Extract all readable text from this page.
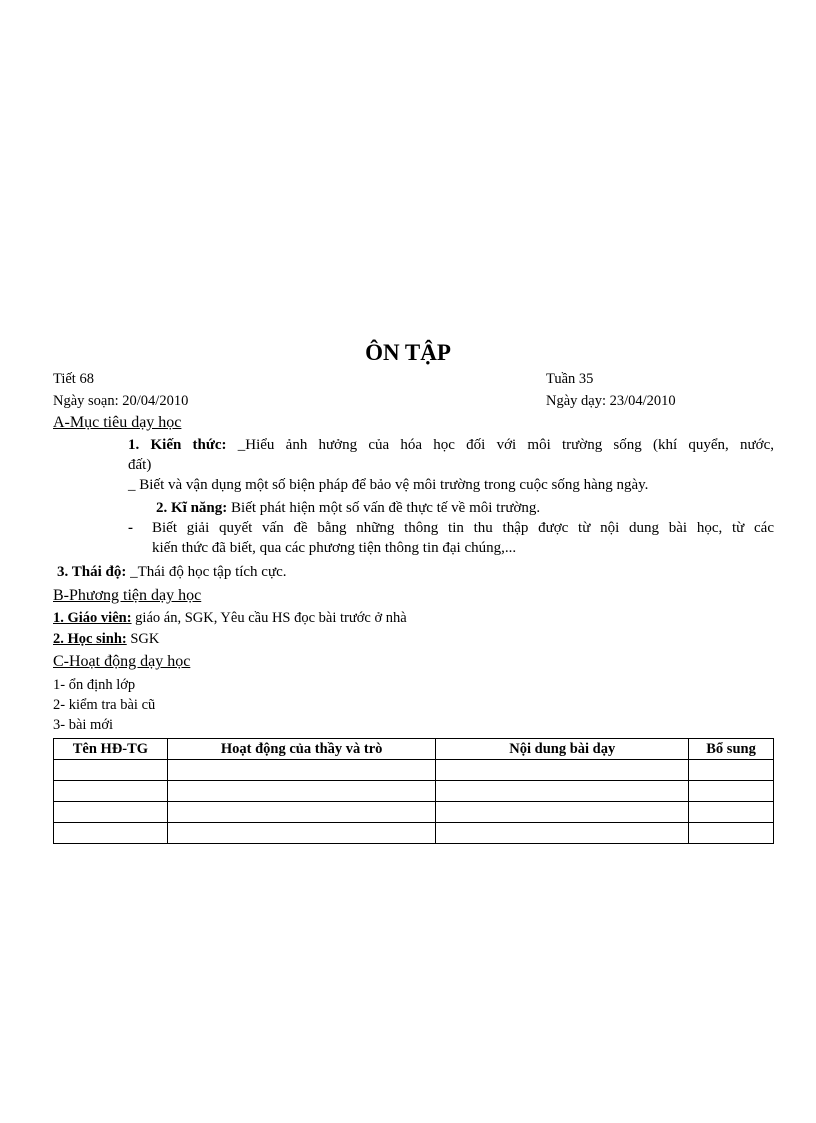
ÔN TẬP
Tiết 68	Tuần 35
Ngày soạn: 20/04/2010	Ngày dạy: 23/04/2010
A-Mục tiêu dạy học
1. Kiến thức: _Hiểu ảnh hưởng của hóa học đối với môi trường sống (khí quyển, nước,
đất)
_ Biết và vận dụng một số biện pháp để bảo vệ môi trường trong cuộc sống hàng ngày.
2. Kĩ năng: Biết phát hiện một số vấn đề thực tế về môi trường.
- Biết giải quyết vấn đề bằng những thông tin thu thập được từ nội dung bài học, từ các
kiến thức đã biết, qua các phương tiện thông tin đại chúng,...
3. Thái độ: _Thái độ học tập tích cực.
B-Phương tiện dạy học
1. Giáo viên: giáo án, SGK, Yêu cầu HS đọc bài trước ở nhà
2. Học sinh: SGK
C-Hoạt động dạy học
1- ổn định lớp
2- kiểm tra bài cũ
3- bài mới
Tên HĐ-TG	Hoạt động của thầy và trò	Nội dung bài dạy	Bổ sung
